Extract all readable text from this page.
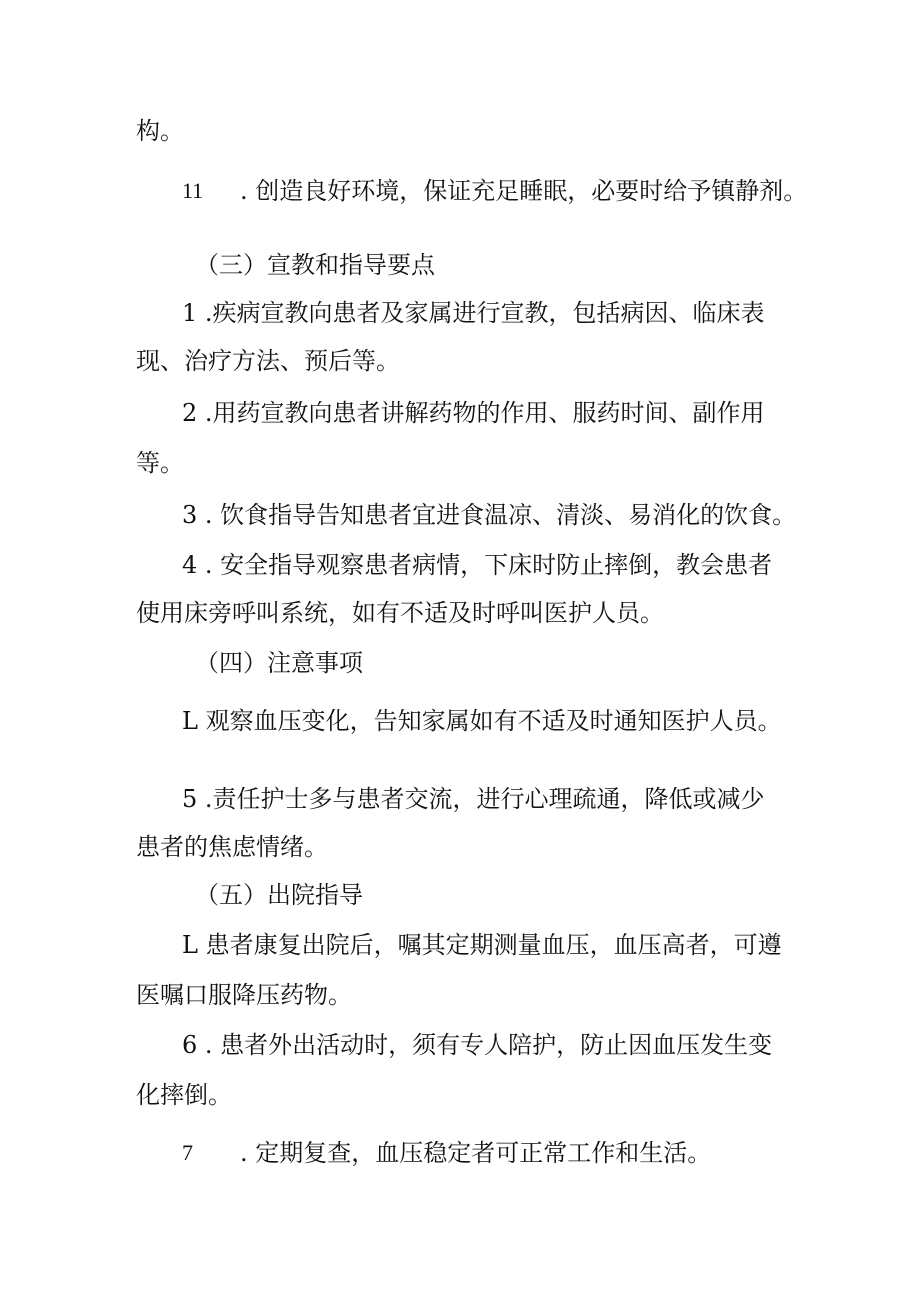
构。

11 . 创造良好环境，保证充足睡眠，必要时给予镇静剂。

（三）宣教和指导要点

1 .疾病宣教向患者及家属进行宣教，包括病因、临床表

现、治疗方法、预后等。

2 .用药宣教向患者讲解药物的作用、服药时间、副作用

等。

3 . 饮食指导告知患者宜进食温凉、清淡、易消化的饮食。

4 . 安全指导观察患者病情，下床时防止摔倒，教会患者

使用床旁呼叫系统，如有不适及时呼叫医护人员。

（四）注意事项

L 观察血压变化，告知家属如有不适及时通知医护人员。

5 .责任护士多与患者交流，进行心理疏通，降低或减少

患者的焦虑情绪。

（五）出院指导

L 患者康复出院后，嘱其定期测量血压，血压高者，可遵

医嘱口服降压药物。

6 . 患者外出活动时，须有专人陪护，防止因血压发生变

化摔倒。

7 . 定期复查，血压稳定者可正常工作和生活。
